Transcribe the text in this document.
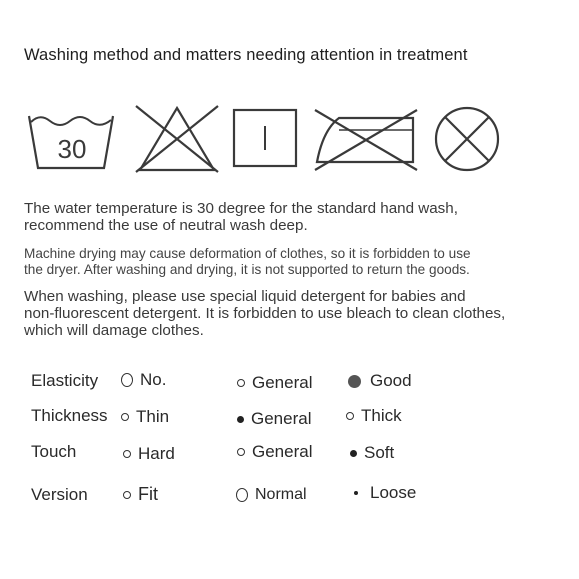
Washing method and matters needing attention in treatment
30
The water temperature is 30 degree for the standard hand wash,
recommend the use of neutral wash deep.
Machine drying may cause deformation of clothes, so it is forbidden to use
the dryer. After washing and drying, it is not supported to return the goods.
When washing, please use special liquid detergent for babies and
non-fluorescent detergent. It is forbidden to use bleach to clean clothes,
which will damage clothes.
Elasticity No.	General	Good
Thickness Thin	General	Thick
Touch	Hard	General	Soft
Version	Fit	Normal	Loose
